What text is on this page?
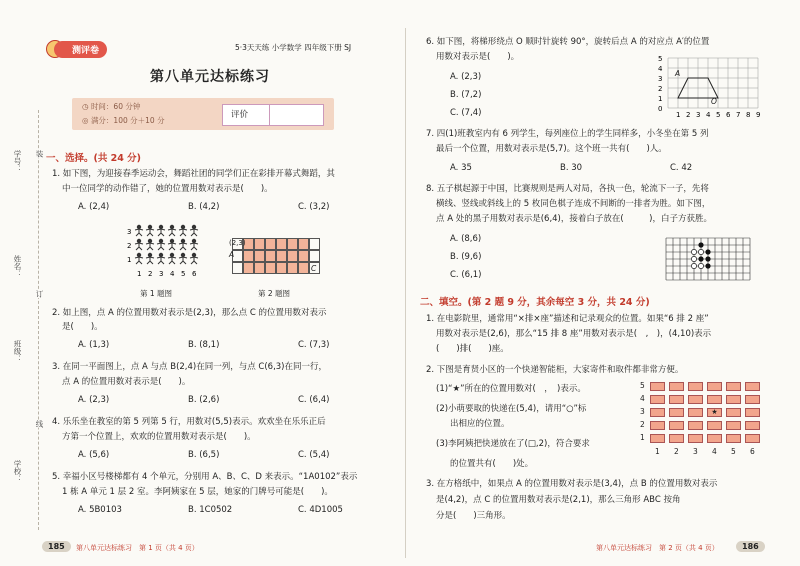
学号：
姓名：
班级：
学校：
装
订
线
测评卷	5·3天天练 小学数学 四年级下册 SJ
第八单元达标练习
◷ 时间：60 分钟
◎ 满分：100 分＋10 分
评价
一、选择。(共 24 分)
1. 如下图，为迎接春季运动会，舞蹈社团的同学们正在彩排开幕式舞蹈，其
中一位同学的动作错了，她的位置用数对表示是(　　)。
A. (2,4)	B. (4,2)	C. (3,2)
3
2
1
1 2 3 4 5 6
第 1 题图
(2,3)
A
C
第 2 题图
2. 如上图，点 A 的位置用数对表示是(2,3)，那么点 C 的位置用数对表示
是(　　)。
A. (1,3)	B. (8,1)	C. (7,3)
3. 在同一平面图上，点 A 与点 B(2,4)在同一列，与点 C(6,3)在同一行，
点 A 的位置用数对表示是(　　)。
A. (2,3)	B. (2,6)	C. (6,4)
4. 乐乐坐在教室的第 5 列第 5 行，用数对(5,5)表示。欢欢坐在乐乐正后
方第一个位置上，欢欢的位置用数对表示是(　　)。
A. (5,6)	B. (6,5)	C. (5,4)
5. 幸福小区号楼梯都有 4 个单元，分别用 A、B、C、D 来表示。“1A0102”表示
1 栋 A 单元 1 层 2 室。李阿姨家在 5 层，她家的门牌号可能是(　　)。
A. 5B0103	B. 1C0502	C. 4D1005
185	第八单元达标练习　第 1 页（共 4 页）
6. 如下图，将梯形绕点 O 顺时针旋转 90°，旋转后点 A 的对应点 A′的位置
用数对表示是(　　)。
A. (2,3)
B. (7,2)
C. (7,4)
5
4
3
2
1
0
1 2 3 4 5 6 7 8 9
A
O
7. 四(1)班教室内有 6 列学生，每列座位上的学生同样多，小冬坐在第 5 列
最后一个位置，用数对表示是(5,7)。这个班一共有(　　)人。
A. 35	B. 30	C. 42
8. 五子棋起源于中国，比赛规则是两人对局，各执一色，轮流下一子，先将
横线、竖线或斜线上的 5 枚同色棋子连成不间断的一排者为胜。如下图，
点 A 处的黑子用数对表示是(6,4)，接着白子放在(　　　)，白子方获胜。
A. (8,6)
B. (9,6)
C. (6,1)
二、填空。(第 2 题 9 分，其余每空 3 分，共 24 分)
1. 在电影院里，通常用“×排×座”描述和记录观众的位置。如果“6 排 2 座”
用数对表示是(2,6)，那么“15 排 8 座”用数对表示是(　,　)，(4,10)表示
(　　)排(　　)座。
2. 下图是育贤小区的一个快递智能柜，大家寄件和取件都非常方便。
(1)“★”所在的位置用数对(　，　)表示。
(2)小萌要取的快递在(5,4)，请用“○”标
出相应的位置。
(3)李阿姨把快递放在了(□,2)，符合要求
的位置共有(　　)处。
5
4
3	★
2
1
1 2 3 4 5 6
3. 在方格纸中，如果点 A 的位置用数对表示是(3,4)，点 B 的位置用数对表示
是(4,2)，点 C 的位置用数对表示是(2,1)，那么三角形 ABC 按角
分是(　　)三角形。
第八单元达标练习　第 2 页（共 4 页）	186
